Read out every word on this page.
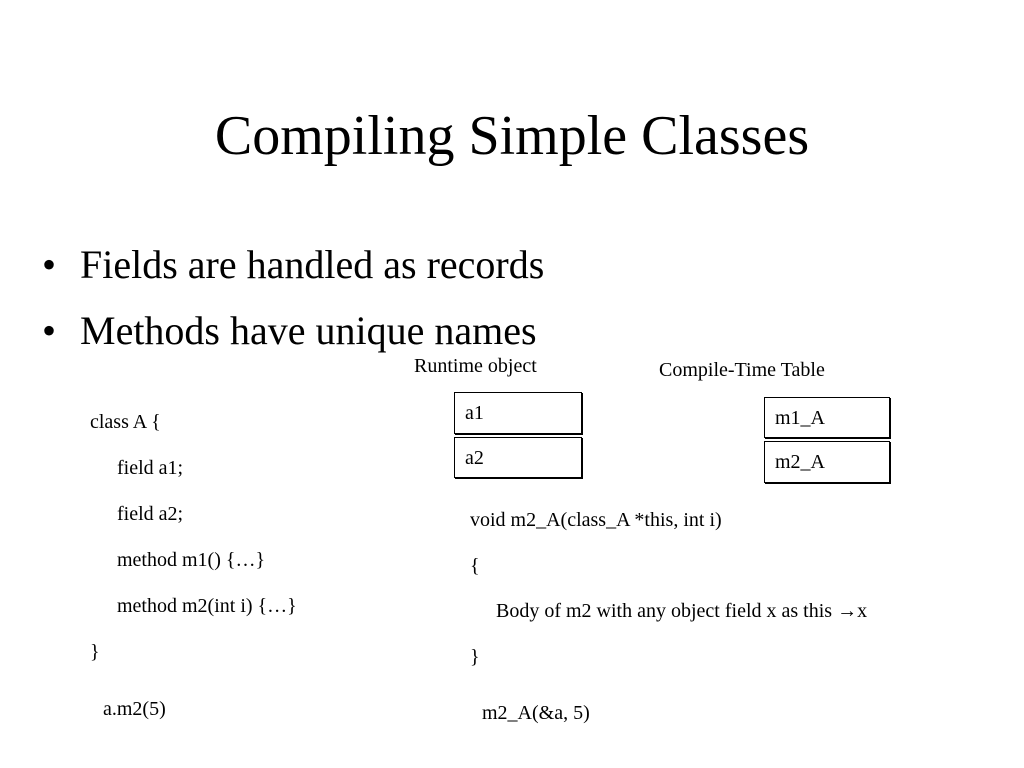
Compiling Simple Classes
• Fields are handled as records
• Methods have unique names
Runtime object
a1
a2
Compile-Time Table
m1_A
m2_A
class A {
field a1;
field a2;
method m1() {…}
method m2(int i) {…}
}
a.m2(5)
void m2_A(class_A *this, int i)
{
Body of m2 with any object field x as this →x
}
m2_A(&a, 5)
